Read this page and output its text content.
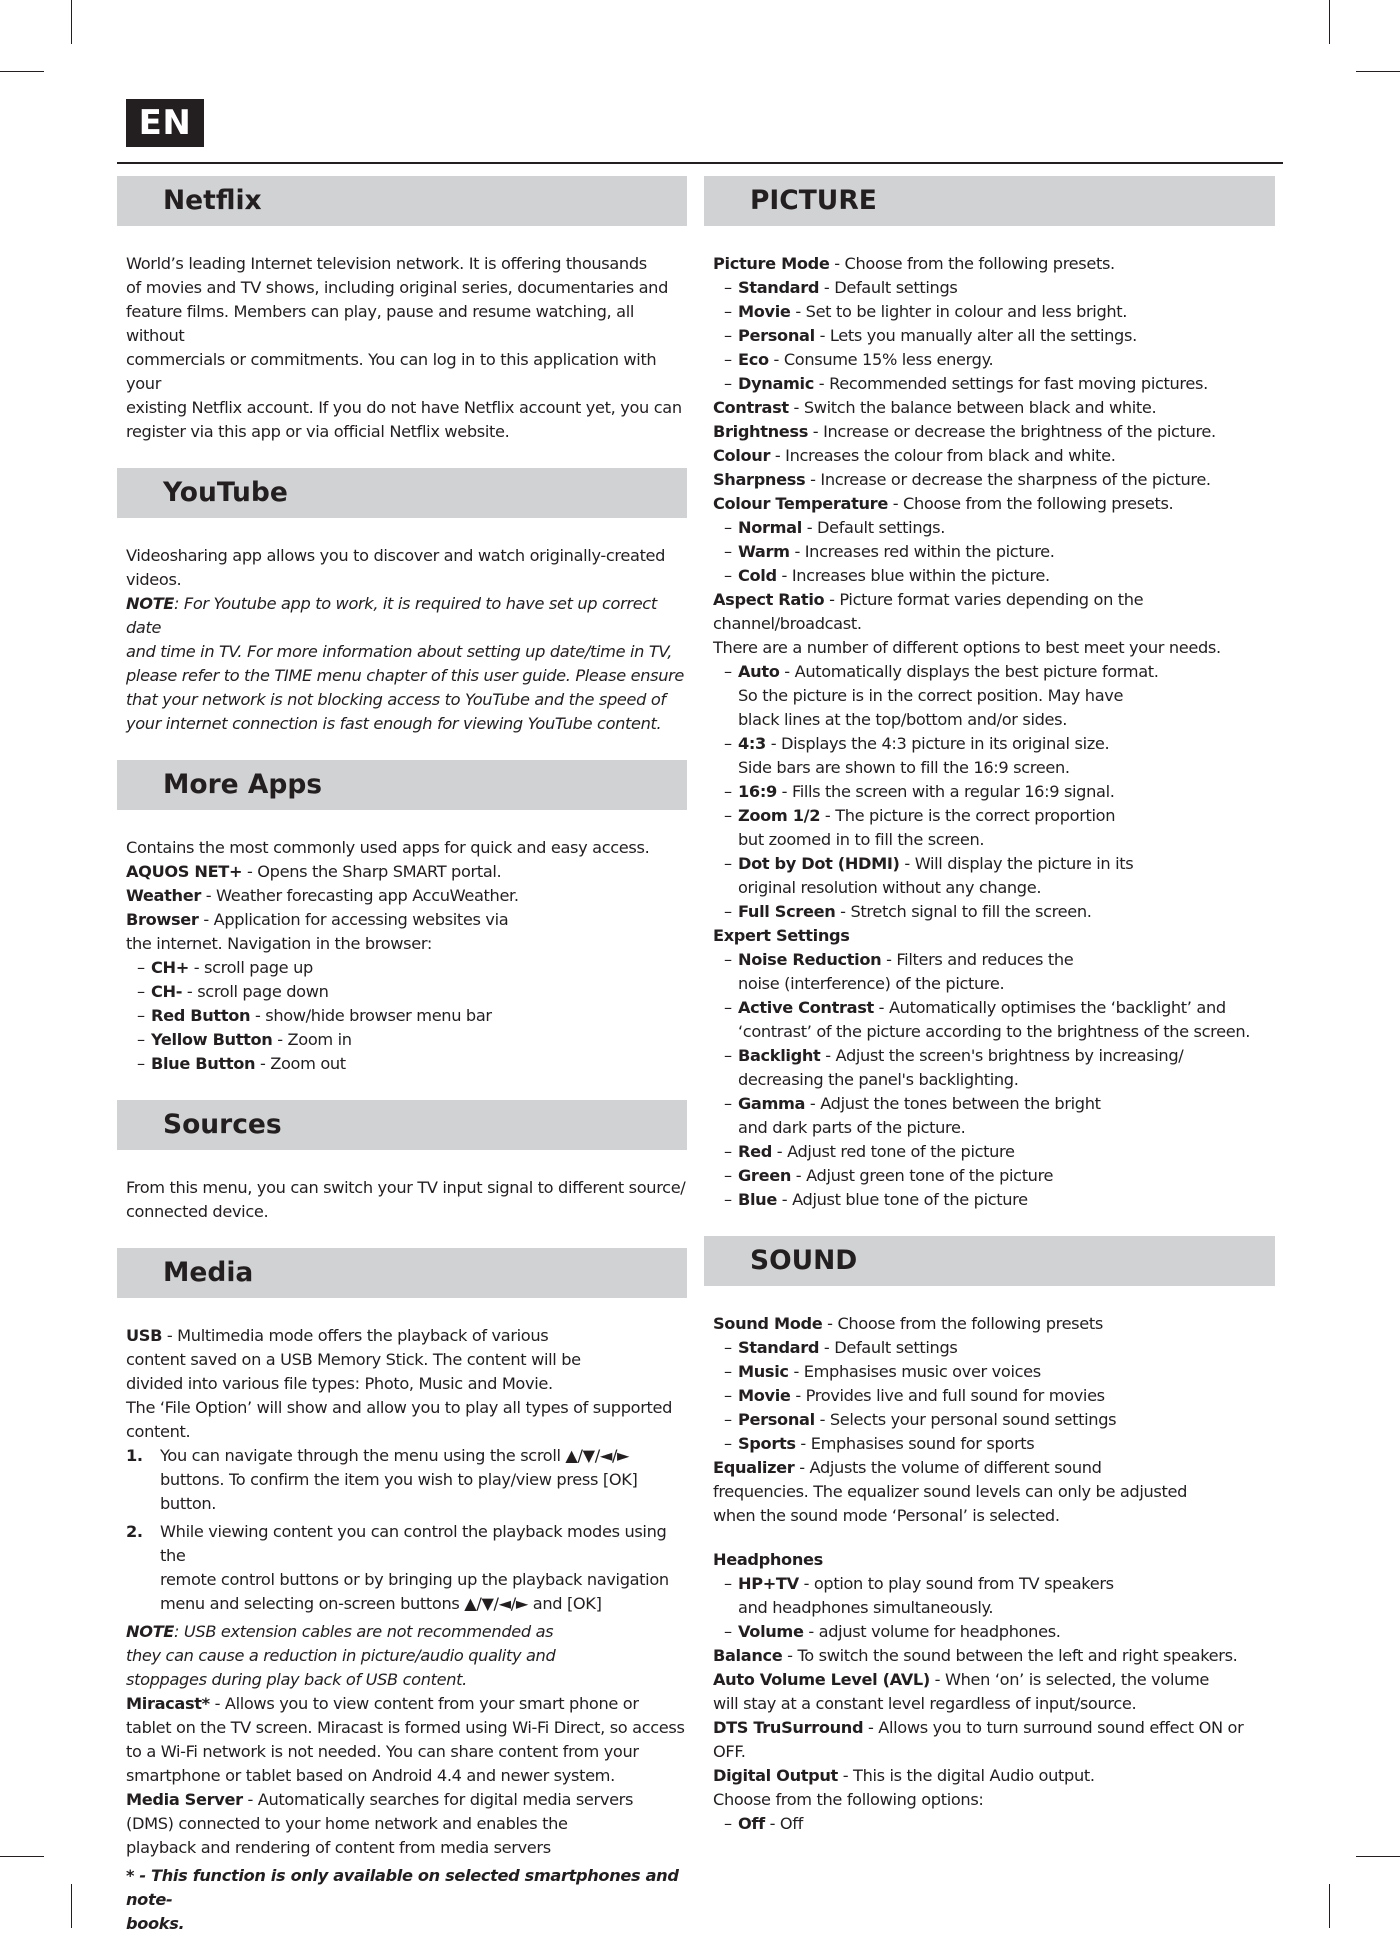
EN
Netflix

World’s leading Internet television network. It is offering thousands

of movies and TV shows, including original series, documentaries and

feature films. Members can play, pause and resume watching, all without

commercials or commitments. You can log in to this application with your

existing Netflix account. If you do not have Netflix account yet, you can

register via this app or via official Netflix website.

YouTube

Videosharing app allows you to discover and watch originally-created

videos.

NOTE: For Youtube app to work, it is required to have set up correct date

and time in TV. For more information about setting up date/time in TV,

please refer to the TIME menu chapter of this user guide. Please ensure

that your network is not blocking access to YouTube and the speed of

your internet connection is fast enough for viewing YouTube content.

More Apps

Contains the most commonly used apps for quick and easy access.

AQUOS NET+ - Opens the Sharp SMART portal.

Weather - Weather forecasting app AccuWeather.

Browser - Application for accessing websites via

the internet. Navigation in the browser:

– CH+ - scroll page up
– CH- - scroll page down
– Red Button - show/hide browser menu bar
– Yellow Button - Zoom in
– Blue Button - Zoom out
Sources

From this menu, you can switch your TV input signal to different source/

connected device.

Media

USB - Multimedia mode offers the playback of various

content saved on a USB Memory Stick. The content will be

divided into various file types: Photo, Music and Movie.

The ‘File Option’ will show and allow you to play all types of supported

content.

1. You can navigate through the menu using the scroll ▲/▼/◄/►
buttons. To confirm the item you wish to play/view press [OK] button.
2. While viewing content you can control the playback modes using the
remote control buttons or by bringing up the playback navigation
menu and selecting on-screen buttons ▲/▼/◄/► and [OK]

NOTE: USB extension cables are not recommended as

they can cause a reduction in picture/audio quality and

stoppages during play back of USB content.

Miracast* - Allows you to view content from your smart phone or

tablet on the TV screen. Miracast is formed using Wi-Fi Direct, so access

to a Wi-Fi network is not needed. You can share content from your

smartphone or tablet based on Android 4.4 and newer system.

Media Server - Automatically searches for digital media servers

(DMS) connected to your home network and enables the

playback and rendering of content from media servers

* - This function is only available on selected smartphones and note-

books.

PICTURE

Picture Mode - Choose from the following presets.

– Standard - Default settings
– Movie - Set to be lighter in colour and less bright.
– Personal - Lets you manually alter all the settings.
– Eco - Consume 15% less energy.
– Dynamic - Recommended settings for fast moving pictures.

Contrast - Switch the balance between black and white.

Brightness - Increase or decrease the brightness of the picture.

Colour - Increases the colour from black and white.

Sharpness - Increase or decrease the sharpness of the picture.

Colour Temperature - Choose from the following presets.

– Normal - Default settings.
– Warm - Increases red within the picture.
– Cold - Increases blue within the picture.

Aspect Ratio - Picture format varies depending on the channel/broadcast.

There are a number of different options to best meet your needs.

– Auto - Automatically displays the best picture format.
So the picture is in the correct position. May have
black lines at the top/bottom and/or sides.
– 4:3 - Displays the 4:3 picture in its original size.
Side bars are shown to fill the 16:9 screen.
– 16:9 - Fills the screen with a regular 16:9 signal.
– Zoom 1/2 - The picture is the correct proportion
but zoomed in to fill the screen.
– Dot by Dot (HDMI) - Will display the picture in its
original resolution without any change.
– Full Screen - Stretch signal to fill the screen.

Expert Settings

– Noise Reduction - Filters and reduces the
noise (interference) of the picture.
– Active Contrast - Automatically optimises the ‘backlight’ and
‘contrast’ of the picture according to the brightness of the screen.
– Backlight - Adjust the screen's brightness by increasing/
decreasing the panel's backlighting.
– Gamma - Adjust the tones between the bright
and dark parts of the picture.
– Red - Adjust red tone of the picture
– Green - Adjust green tone of the picture
– Blue - Adjust blue tone of the picture
SOUND

Sound Mode - Choose from the following presets

– Standard - Default settings
– Music - Emphasises music over voices
– Movie - Provides live and full sound for movies
– Personal - Selects your personal sound settings
– Sports - Emphasises sound for sports

Equalizer - Adjusts the volume of different sound

frequencies. The equalizer sound levels can only be adjusted

when the sound mode ‘Personal’ is selected.

Headphones

– HP+TV - option to play sound from TV speakers
and headphones simultaneously.
– Volume - adjust volume for headphones.

Balance - To switch the sound between the left and right speakers.

Auto Volume Level (AVL) - When ‘on’ is selected, the volume

will stay at a constant level regardless of input/source.

DTS TruSurround - Allows you to turn surround sound effect ON or OFF.

Digital Output - This is the digital Audio output.

Choose from the following options:

– Off - Off
